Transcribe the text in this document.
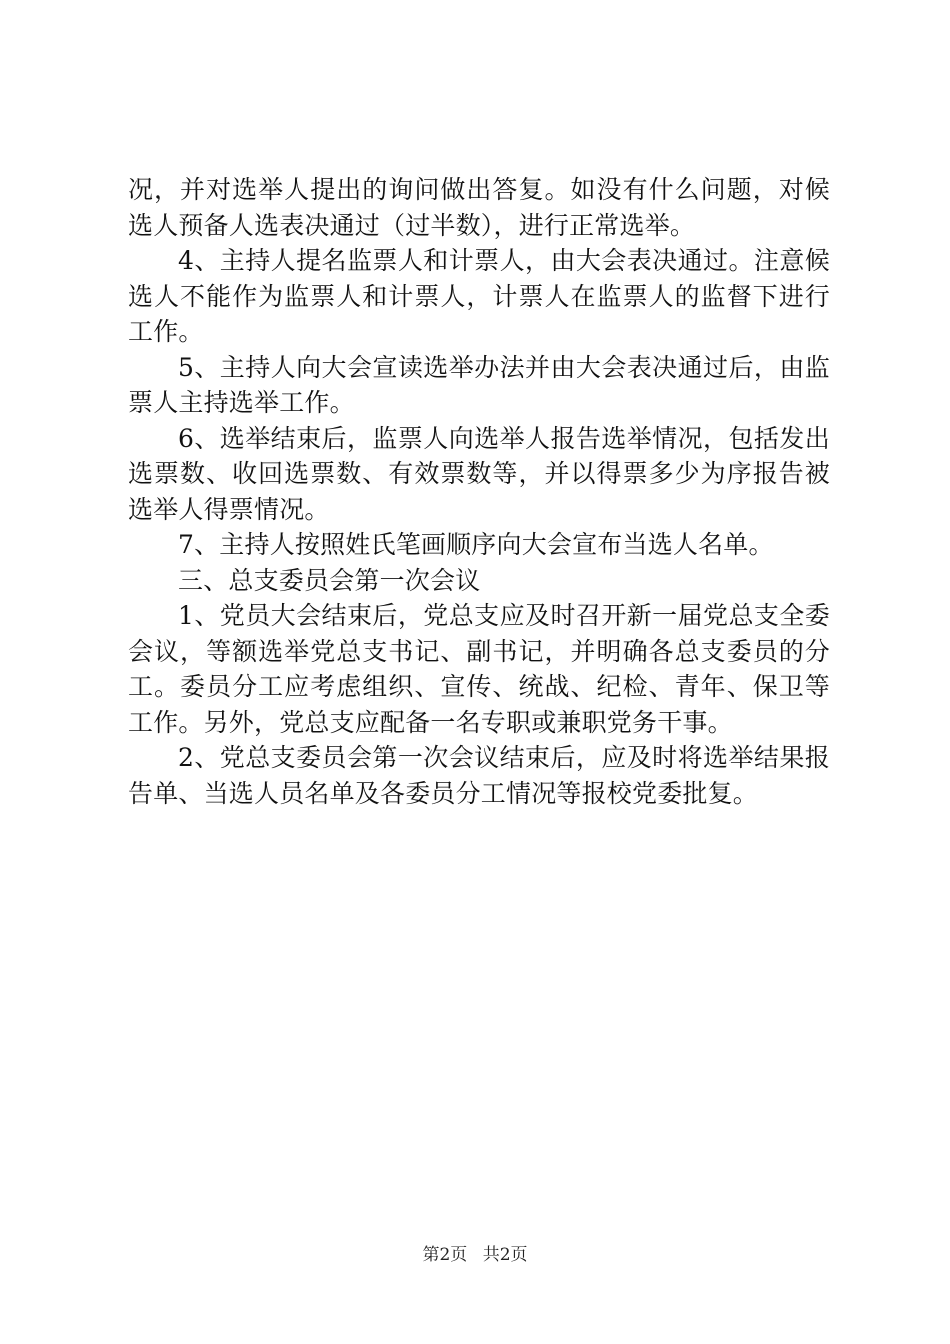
况，并对选举人提出的询问做出答复。如没有什么问题，对候选人预备人选表决通过（过半数），进行正常选举。

4、主持人提名监票人和计票人，由大会表决通过。注意候选人不能作为监票人和计票人，计票人在监票人的监督下进行工作。

5、主持人向大会宣读选举办法并由大会表决通过后，由监票人主持选举工作。

6、选举结束后，监票人向选举人报告选举情况，包括发出选票数、收回选票数、有效票数等，并以得票多少为序报告被选举人得票情况。

7、主持人按照姓氏笔画顺序向大会宣布当选人名单。

三、总支委员会第一次会议

1、党员大会结束后，党总支应及时召开新一届党总支全委会议，等额选举党总支书记、副书记，并明确各总支委员的分工。委员分工应考虑组织、宣传、统战、纪检、青年、保卫等工作。另外，党总支应配备一名专职或兼职党务干事。

2、党总支委员会第一次会议结束后，应及时将选举结果报告单、当选人员名单及各委员分工情况等报校党委批复。

第2页 共2页
